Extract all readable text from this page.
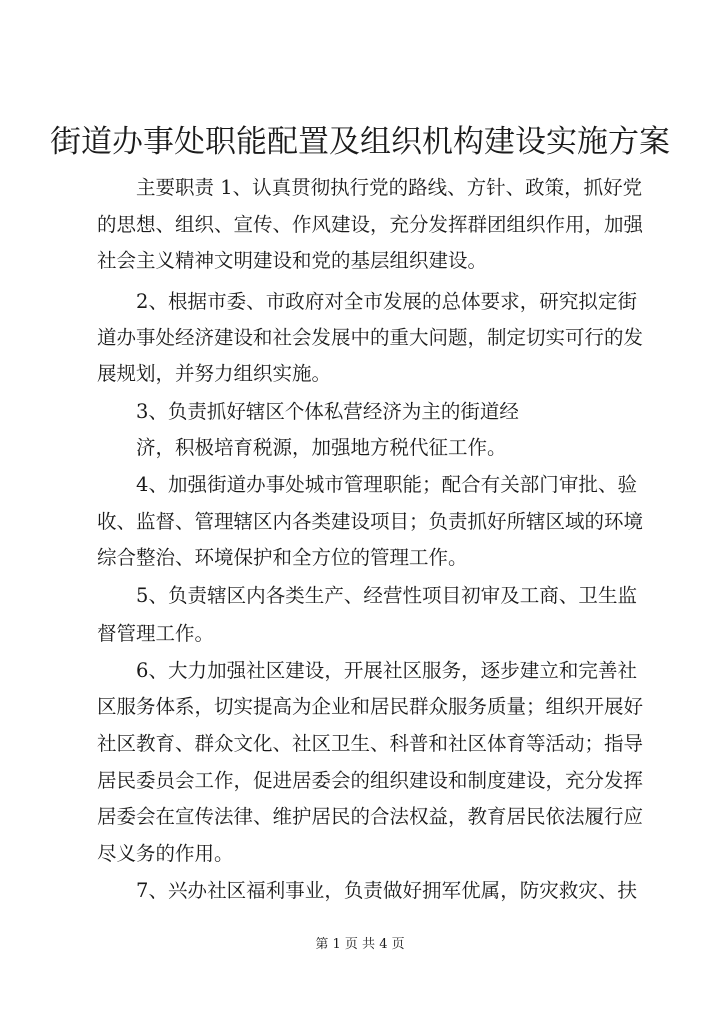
街道办事处职能配置及组织机构建设实施方案
主要职责 1、认真贯彻执行党的路线、方针、政策，抓好党
的思想、组织、宣传、作风建设，充分发挥群团组织作用，加强
社会主义精神文明建设和党的基层组织建设。
2、根据市委、市政府对全市发展的总体要求，研究拟定街
道办事处经济建设和社会发展中的重大问题，制定切实可行的发
展规划，并努力组织实施。
3、负责抓好辖区个体私营经济为主的街道经
济，积极培育税源，加强地方税代征工作。
4、加强街道办事处城市管理职能；配合有关部门审批、验
收、监督、管理辖区内各类建设项目；负责抓好所辖区域的环境
综合整治、环境保护和全方位的管理工作。
5、负责辖区内各类生产、经营性项目初审及工商、卫生监
督管理工作。
6、大力加强社区建设，开展社区服务，逐步建立和完善社
区服务体系，切实提高为企业和居民群众服务质量；组织开展好
社区教育、群众文化、社区卫生、科普和社区体育等活动；指导
居民委员会工作，促进居委会的组织建设和制度建设，充分发挥
居委会在宣传法律、维护居民的合法权益，教育居民依法履行应
尽义务的作用。
7、兴办社区福利事业，负责做好拥军优属，防灾救灾、扶
第 1 页 共 4 页
